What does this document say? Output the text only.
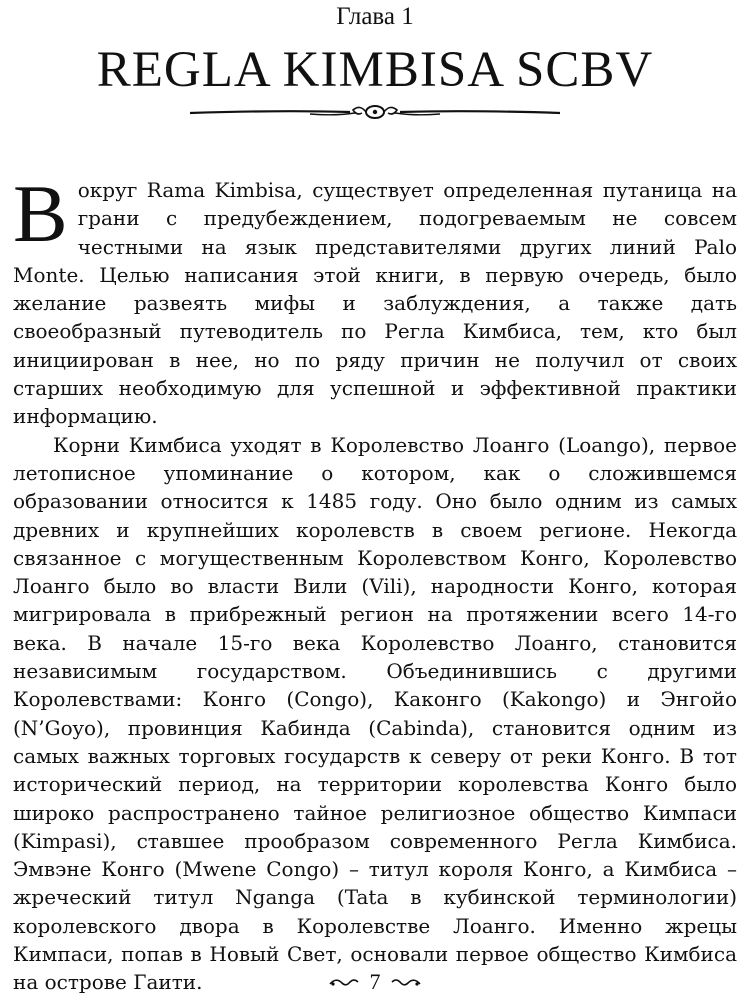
Глава 1
REGLA KIMBISA SCBV

Вокруг Rama Kimbisa, существует определенная путаница на грани с предубеждением, подогреваемым не совсем честными на язык представителями других линий Palo Monte. Целью написания этой книги, в первую очередь, было желание развеять мифы и заблуждения, а также дать своеобразный путеводитель по Регла Кимбиса, тем, кто был инициирован в нее, но по ряду причин не получил от своих старших необходимую для успешной и эффективной практики информацию.

Корни Кимбиса уходят в Королевство Лоанго (Loango), первое летописное упоминание о котором, как о сложившемся образовании относится к 1485 году. Оно было одним из самых древних и крупнейших королевств в своем регионе. Некогда связанное с могущественным Королевством Конго, Королевство Лоанго было во власти Вили (Vili), народности Конго, которая мигрировала в прибрежный регион на протяжении всего 14-го века. В начале 15-го века Королевство Лоанго, становится независимым государством. Объединившись с другими Королевствами: Конго (Congo), Каконго (Kakongo) и Энгойо (N’Goyo), провинция Кабинда (Cabinda), становится одним из самых важных торговых государств к северу от реки Конго. В тот исторический период, на территории королевства Конго было широко распространено тайное религиозное общество Кимпаси (Kimpasi), ставшее прообразом современного Регла Кимбиса. Эмвэне Конго (Mwene Congo) – титул короля Конго, а Кимбиса – жреческий титул Nganga (Tata в кубинской терминологии) королевского двора в Королевстве Лоанго. Именно жрецы Кимпаси, попав в Новый Свет, основали первое общество Кимбиса на острове Гаити.	7
